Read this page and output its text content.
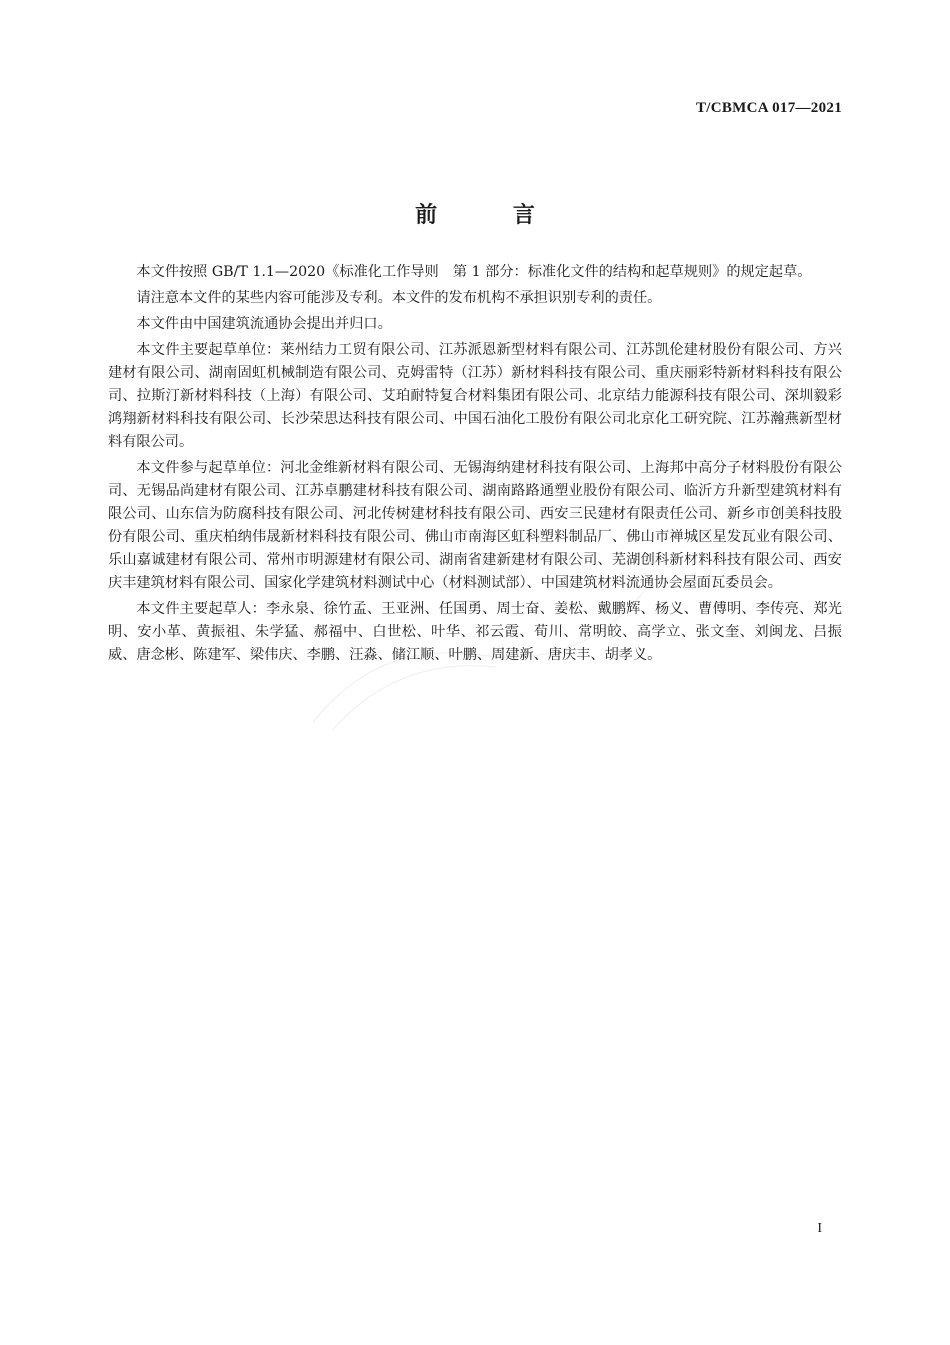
T/CBMCA 017—2021
前 言

本文件按照 GB/T 1.1—2020《标准化工作导则　第 1 部分：标准化文件的结构和起草规则》的规定起草。

请注意本文件的某些内容可能涉及专利。本文件的发布机构不承担识别专利的责任。

本文件由中国建筑流通协会提出并归口。

本文件主要起草单位：莱州结力工贸有限公司、江苏派恩新型材料有限公司、江苏凯伦建材股份有限公司、方兴建材有限公司、湖南固虹机械制造有限公司、克姆雷特（江苏）新材料科技有限公司、重庆丽彩特新材料科技有限公司、拉斯汀新材料科技（上海）有限公司、艾珀耐特复合材料集团有限公司、北京结力能源科技有限公司、深圳毅彩鸿翔新材料科技有限公司、长沙荣思达科技有限公司、中国石油化工股份有限公司北京化工研究院、江苏瀚燕新型材料有限公司。

本文件参与起草单位：河北金维新材料有限公司、无锡海纳建材科技有限公司、上海邦中高分子材料股份有限公司、无锡品尚建材有限公司、江苏卓鹏建材科技有限公司、湖南路路通塑业股份有限公司、临沂方升新型建筑材料有限公司、山东信为防腐科技有限公司、河北传树建材科技有限公司、西安三民建材有限责任公司、新乡市创美科技股份有限公司、重庆柏纳伟晟新材料科技有限公司、佛山市南海区虹科塑料制品厂、佛山市禅城区星发瓦业有限公司、乐山嘉诚建材有限公司、常州市明源建材有限公司、湖南省建新建材有限公司、芜湖创科新材料科技有限公司、西安庆丰建筑材料有限公司、国家化学建筑材料测试中心（材料测试部）、中国建筑材料流通协会屋面瓦委员会。

本文件主要起草人：李永泉、徐竹孟、王亚洲、任国勇、周士奋、姜松、戴鹏辉、杨义、曹傅明、李传亮、郑光明、安小革、黄振祖、朱学猛、郝福中、白世松、叶华、祁云霞、荀川、常明皎、高学立、张文奎、刘闽龙、吕振威、唐念彬、陈建军、梁伟庆、李鹏、汪淼、储江顺、叶鹏、周建新、唐庆丰、胡孝义。

I
